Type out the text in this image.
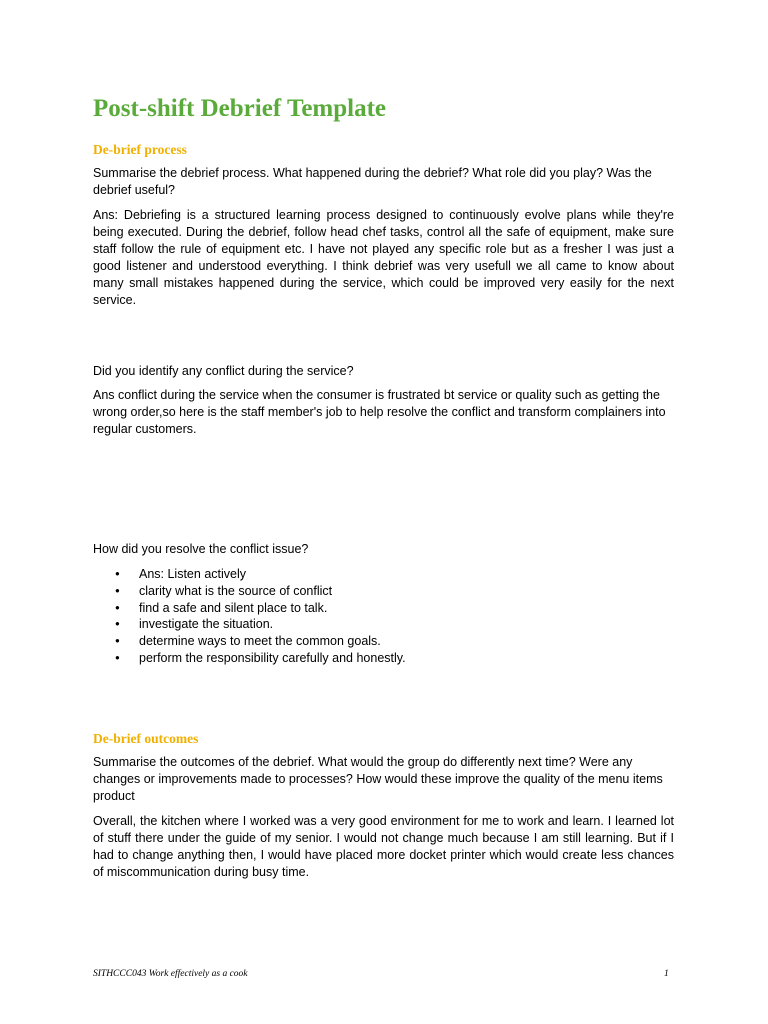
Post-shift Debrief Template
De-brief process

Summarise the debrief process. What happened during the debrief? What role did you play? Was the debrief useful?

Ans: Debriefing is a structured learning process designed to continuously evolve plans while they're being executed. During the debrief, follow head chef tasks, control all the safe of equipment, make sure staff follow the rule of equipment etc. I have not played any specific role but as a fresher I was just a good listener and understood everything. I think debrief was very usefull we all came to know about many small mistakes happened during the service, which could be improved very easily for the next service.

Did you identify any conflict during the service?

Ans conflict during the service when the consumer is frustrated bt service or quality such as getting the wrong order,so here is the staff member's job to help resolve the conflict and transform complainers into regular customers.

How did you resolve the conflict issue?

● Ans: Listen actively
● clarity what is the source of conflict
● find a safe and silent place to talk.
● investigate the situation.
● determine ways to meet the common goals.
● perform the responsibility carefully and honestly.
De-brief outcomes

Summarise the outcomes of the debrief. What would the group do differently next time? Were any changes or improvements made to processes? How would these improve the quality of the menu items product

Overall, the kitchen where I worked was a very good environment for me to work and learn. I learned lot of stuff there under the guide of my senior. I would not change much because I am still learning. But if I had to change anything then, I would have placed more docket printer which would create less chances of miscommunication during busy time.

SITHCCC043 Work effectively as a cook	1
